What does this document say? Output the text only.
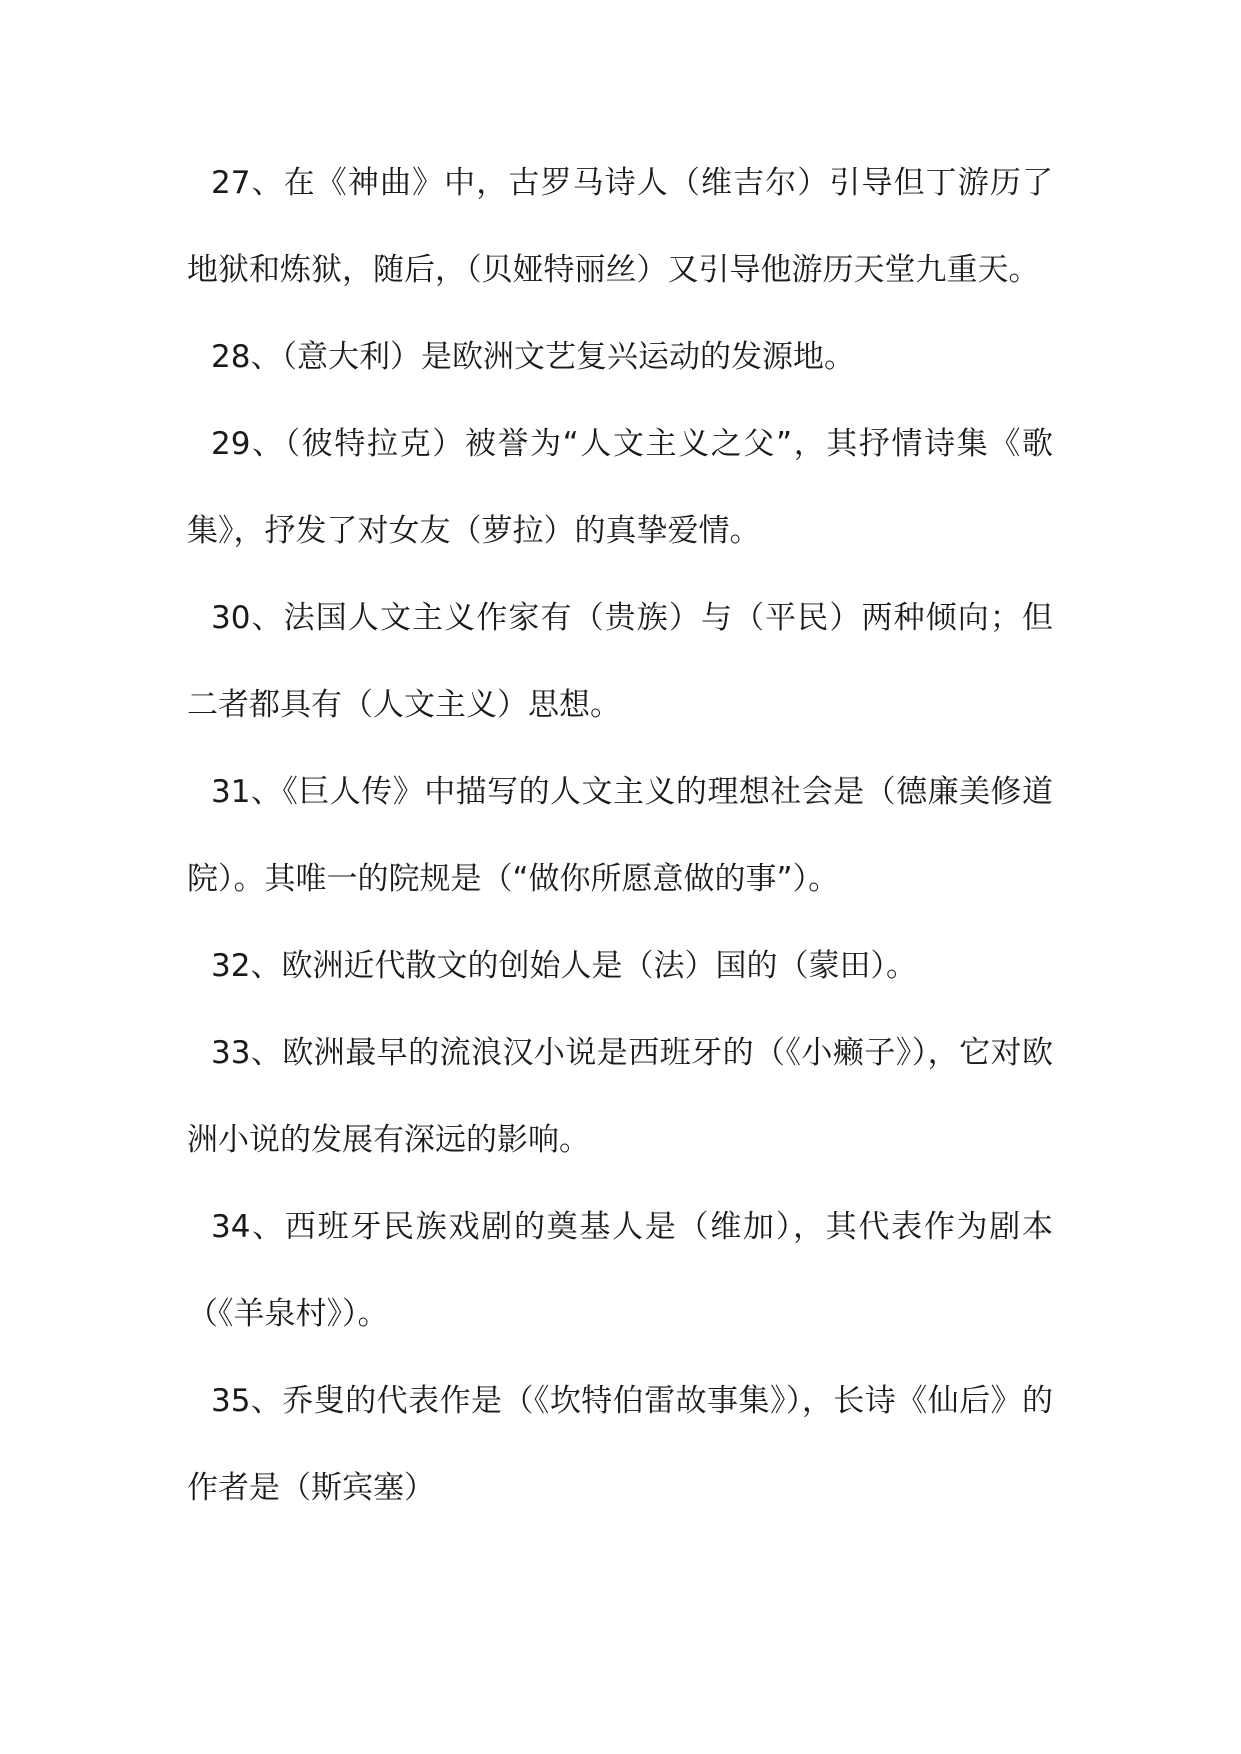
27、在《神曲》中，古罗马诗人（维吉尔）引导但丁游历了地狱和炼狱，随后，（贝娅特丽丝）又引导他游历天堂九重天。

28、（意大利）是欧洲文艺复兴运动的发源地。

29、（彼特拉克）被誉为“人文主义之父”，其抒情诗集《歌集》，抒发了对女友（萝拉）的真挚爱情。

30、法国人文主义作家有（贵族）与（平民）两种倾向；但二者都具有（人文主义）思想。

31、《巨人传》中描写的人文主义的理想社会是（德廉美修道院）。其唯一的院规是（“做你所愿意做的事”）。

32、欧洲近代散文的创始人是（法）国的（蒙田）。

33、欧洲最早的流浪汉小说是西班牙的（《小癞子》），它对欧洲小说的发展有深远的影响。

34、西班牙民族戏剧的奠基人是（维加），其代表作为剧本（《羊泉村》）。

35、乔叟的代表作是（《坎特伯雷故事集》），长诗《仙后》的作者是（斯宾塞）
